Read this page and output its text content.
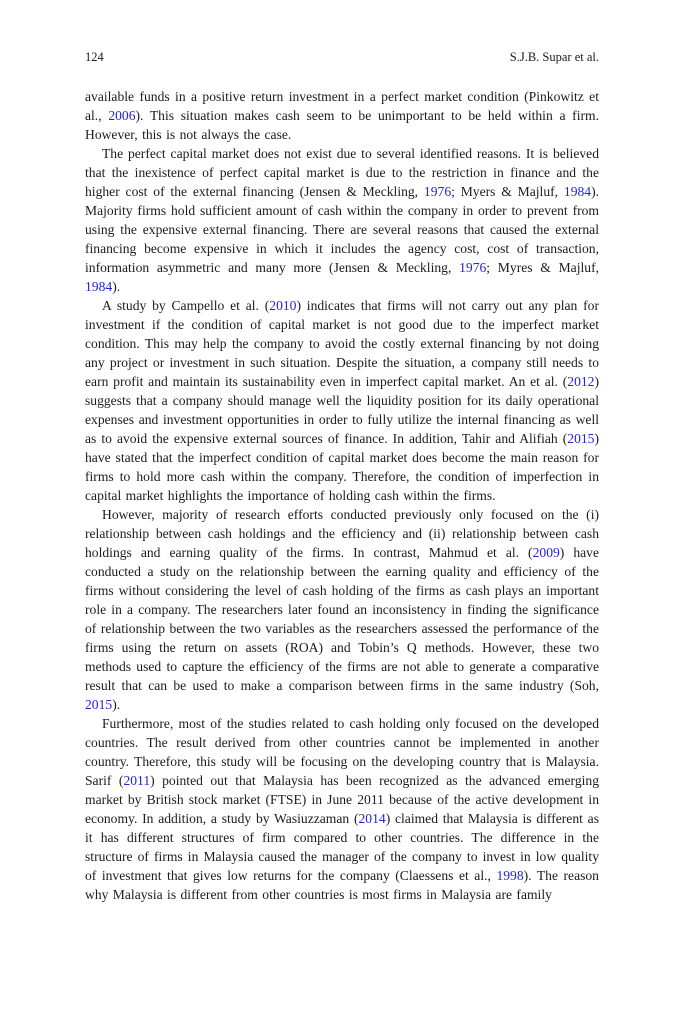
124	S.J.B. Supar et al.

available funds in a positive return investment in a perfect market condition (Pinkowitz et al., 2006). This situation makes cash seem to be unimportant to be held within a firm. However, this is not always the case.

The perfect capital market does not exist due to several identified reasons. It is believed that the inexistence of perfect capital market is due to the restriction in finance and the higher cost of the external financing (Jensen & Meckling, 1976; Myers & Majluf, 1984). Majority firms hold sufficient amount of cash within the company in order to prevent from using the expensive external financing. There are several reasons that caused the external financing become expensive in which it includes the agency cost, cost of transaction, information asymmetric and many more (Jensen & Meckling, 1976; Myres & Majluf, 1984).

A study by Campello et al. (2010) indicates that firms will not carry out any plan for investment if the condition of capital market is not good due to the imperfect market condition. This may help the company to avoid the costly external financing by not doing any project or investment in such situation. Despite the situation, a company still needs to earn profit and maintain its sustainability even in imperfect capital market. An et al. (2012) suggests that a company should manage well the liquidity position for its daily operational expenses and investment opportunities in order to fully utilize the internal financing as well as to avoid the expensive external sources of finance. In addition, Tahir and Alifiah (2015) have stated that the imperfect condition of capital market does become the main reason for firms to hold more cash within the company. Therefore, the condition of imperfection in capital market highlights the importance of holding cash within the firms.

However, majority of research efforts conducted previously only focused on the (i) relationship between cash holdings and the efficiency and (ii) relationship between cash holdings and earning quality of the firms. In contrast, Mahmud et al. (2009) have conducted a study on the relationship between the earning quality and efficiency of the firms without considering the level of cash holding of the firms as cash plays an important role in a company. The researchers later found an inconsistency in finding the significance of relationship between the two variables as the researchers assessed the performance of the firms using the return on assets (ROA) and Tobin’s Q methods. However, these two methods used to capture the efficiency of the firms are not able to generate a comparative result that can be used to make a comparison between firms in the same industry (Soh, 2015).

Furthermore, most of the studies related to cash holding only focused on the developed countries. The result derived from other countries cannot be implemented in another country. Therefore, this study will be focusing on the developing country that is Malaysia. Sarif (2011) pointed out that Malaysia has been recognized as the advanced emerging market by British stock market (FTSE) in June 2011 because of the active development in economy. In addition, a study by Wasiuzzaman (2014) claimed that Malaysia is different as it has different structures of firm compared to other countries. The difference in the structure of firms in Malaysia caused the manager of the company to invest in low quality of investment that gives low returns for the company (Claessens et al., 1998). The reason why Malaysia is different from other countries is most firms in Malaysia are family
